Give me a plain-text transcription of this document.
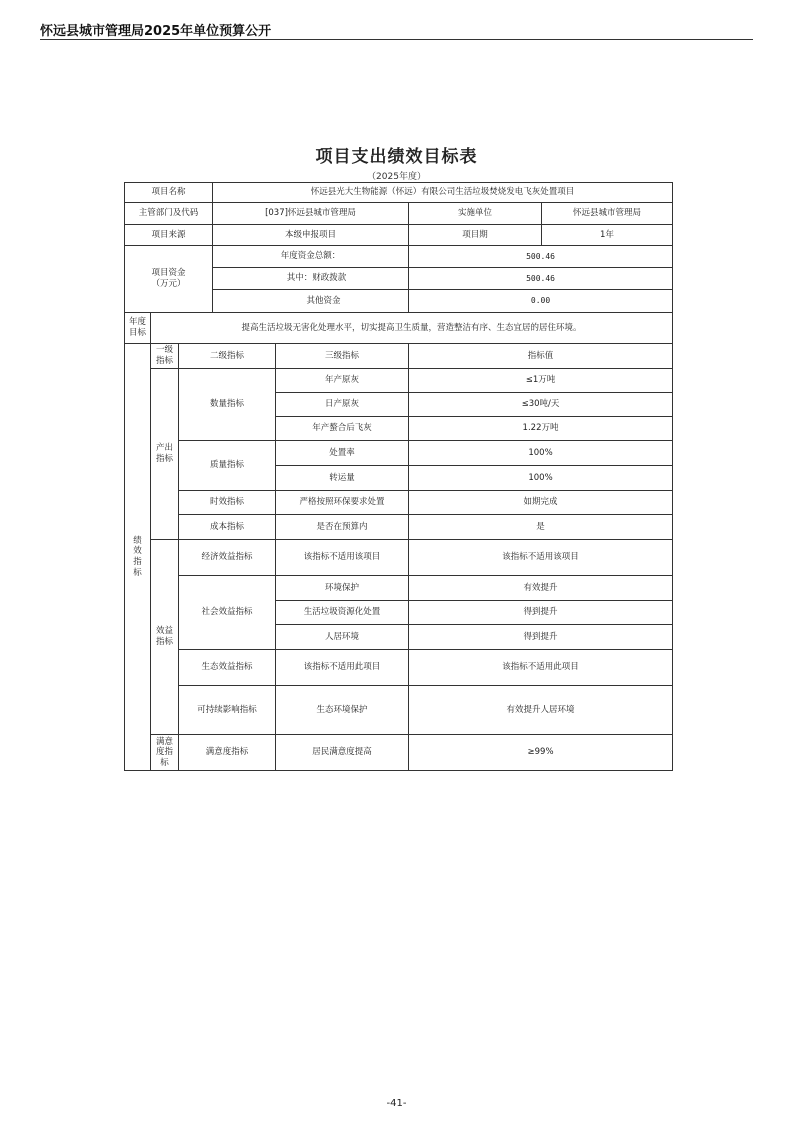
怀远县城市管理局2025年单位预算公开
项目支出绩效目标表
（2025年度）
项目名称			怀远县光大生物能源（怀远）有限公司生活垃圾焚烧发电飞灰处置项目			
主管部门及代码			[037]怀远县城市管理局		实施单位	怀远县城市管理局
项目来源			本级申报项目		项目期	1年
项目资金
（万元）			年度资金总额：		500.46	
			其中：财政拨款		500.46	
			其他资金		0.00	
年度
目标	提高生活垃圾无害化处理水平，切实提高卫生质量，营造整洁有序、生态宜居的居住环境。					
绩
效
指
标	一级
指标	二级指标		三级指标	指标值	
	产出
指标	数量指标		年产原灰	≤1万吨	
				日产原灰	≤30吨/天	
				年产螯合后飞灰	1.22万吨	
		质量指标		处置率	100%	
				转运量	100%	
		时效指标		严格按照环保要求处置	如期完成	
		成本指标		是否在预算内	是	
	效益
指标	经济效益指标		该指标不适用该项目	该指标不适用该项目	
		社会效益指标		环境保护	有效提升	
				生活垃圾资源化处置	得到提升	
				人居环境	得到提升	
		生态效益指标		该指标不适用此项目	该指标不适用此项目	
		可持续影响指标		生态环境保护	有效提升人居环境	

	满意
度指
标	满意度指标		居民满意度提高	≥99%	
-41-
